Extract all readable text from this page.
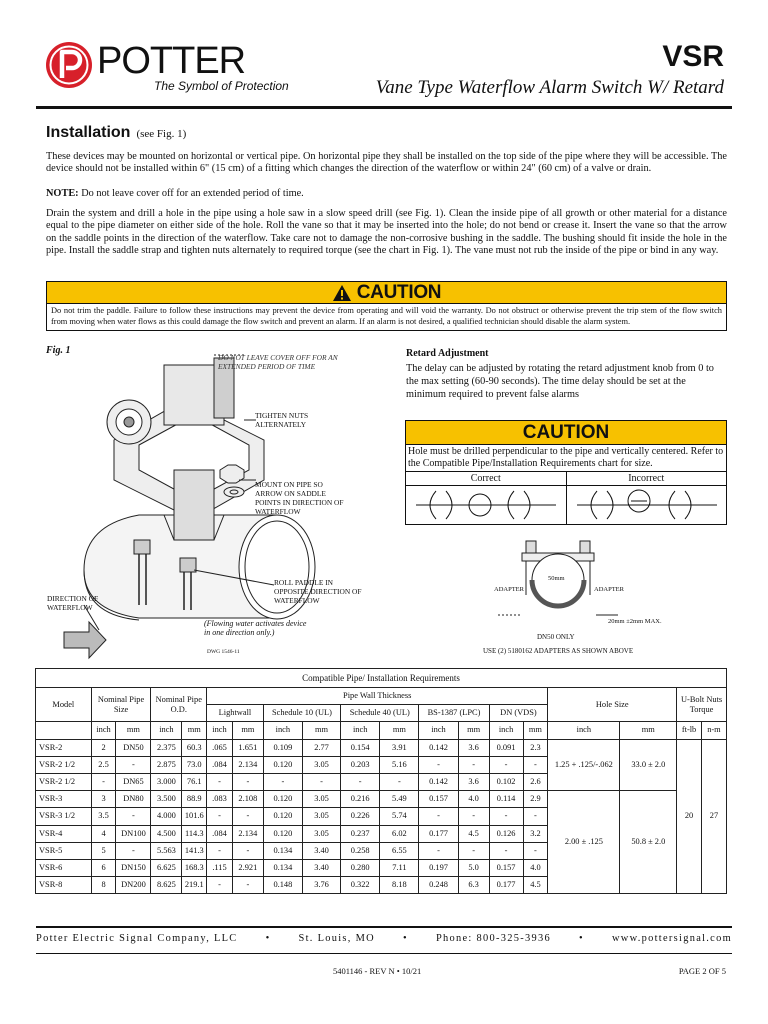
POTTER
The Symbol of Protection
VSR
Vane Type Waterflow Alarm Switch W/ Retard
Installation (see Fig. 1)
These devices may be mounted on horizontal or vertical pipe. On horizontal pipe they shall be installed on the top side of the pipe where they will be accessible. The device should not be installed within 6" (15 cm) of a fitting which changes the direction of the waterflow or within 24" (60 cm) of a valve or drain.
NOTE: Do not leave cover off for an extended period of time.
Drain the system and drill a hole in the pipe using a hole saw in a slow speed drill (see Fig. 1). Clean the inside pipe of all growth or other material for a distance equal to the pipe diameter on either side of the hole. Roll the vane so that it may be inserted into the hole; do not bend or crease it. Insert the vane so that the arrow on the saddle points in the direction of the waterflow. Take care not to damage the non-corrosive bushing in the saddle. The bushing should fit inside the hole in the pipe. Install the saddle strap and tighten nuts alternately to required torque (see the chart in Fig. 1). The vane must not rub the inside of the pipe or bind in any way.
CAUTION
Do not trim the paddle. Failure to follow these instructions may prevent the device from operating and will void the warranty. Do not obstruct or otherwise prevent the trip stem of the flow switch from moving when water flows as this could damage the flow switch and prevent an alarm. If an alarm is not desired, a qualified technician should disable the alarm system.
Fig. 1
DO NOT LEAVE COVER OFF FOR AN EXTENDED PERIOD OF TIME
TIGHTEN NUTS ALTERNATELY
MOUNT ON PIPE SO ARROW ON SADDLE POINTS IN DIRECTION OF WATERFLOW
ROLL PADDLE IN OPPOSITE DIRECTION OF WATERFLOW
DIRECTION OF WATERFLOW
(Flowing water activates device in one direction only.)
DWG 1546-11
Retard Adjustment
The delay can be adjusted by rotating the retard adjustment knob from 0 to the max setting (60-90 seconds). The time delay should be set at the minimum required to prevent false alarms
CAUTION
Hole must be drilled perpendicular to the pipe and vertically centered. Refer to the Compatible Pipe/Installation Requirements chart for size.
Correct	Incorrect
50mm
ADAPTER	ADAPTER
20mm ±2mm MAX.
DN50 ONLY
USE (2) 5180162 ADAPTERS AS SHOWN ABOVE
Compatible Pipe/ Installation Requirements																		
Model	Nominal Pipe Size		Nominal Pipe O.D.		Pipe Wall Thickness										Hole Size		U-Bolt Nuts Torque	
					Lightwall		Schedule 10 (UL)		Schedule 40 (UL)		BS-1387 (LPC)		DN (VDS)					
	inch	mm	inch	mm	inch	mm	inch	mm	inch	mm	inch	mm	inch	mm	inch	mm	ft-lb	n-m
VSR-2	2	DN50	2.375	60.3	.065	1.651	0.109	2.77	0.154	3.91	0.142	3.6	0.091	2.3	1.25 + .125/-.062	33.0 ± 2.0	20	27
VSR-2 1/2	2.5	-	2.875	73.0	.084	2.134	0.120	3.05	0.203	5.16	-	-	-	-				
VSR-2 1/2	-	DN65	3.000	76.1	-	-	-	-	-	-	0.142	3.6	0.102	2.6				
VSR-3	3	DN80	3.500	88.9	.083	2.108	0.120	3.05	0.216	5.49	0.157	4.0	0.114	2.9	2.00 ± .125	50.8 ± 2.0		
VSR-3 1/2	3.5	-	4.000	101.6	-	-	0.120	3.05	0.226	5.74	-	-	-	-				
VSR-4	4	DN100	4.500	114.3	.084	2.134	0.120	3.05	0.237	6.02	0.177	4.5	0.126	3.2				
VSR-5	5	-	5.563	141.3	-	-	0.134	3.40	0.258	6.55	-	-	-	-				
VSR-6	6	DN150	6.625	168.3	.115	2.921	0.134	3.40	0.280	7.11	0.197	5.0	0.157	4.0				
VSR-8	8	DN200	8.625	219.1	-	-	0.148	3.76	0.322	8.18	0.248	6.3	0.177	4.5				
Potter Electric Signal Company, LLC	•	St. Louis, MO	•	Phone: 800-325-3936	•	www.pottersignal.com
5401146 - REV N • 10/21	PAGE 2 OF 5
